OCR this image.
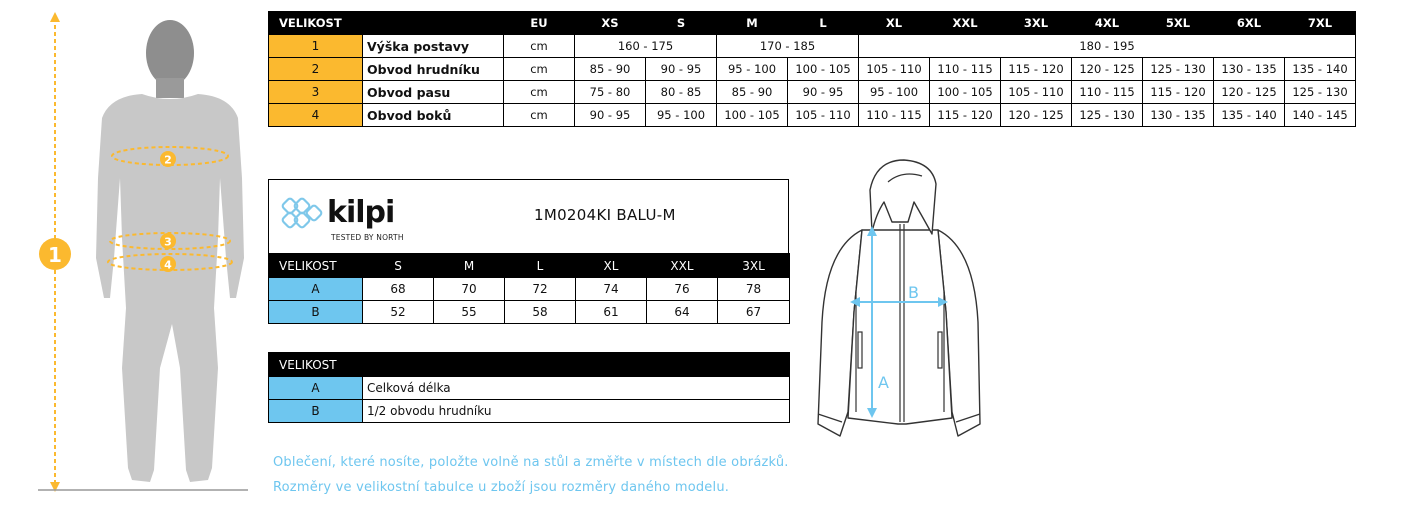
1
2
3
4
VELIKOST		EU	XS	S	M	L	XL	XXL	3XL	4XL	5XL	6XL	7XL
1	Výška postavy	cm	160 - 175		170 - 185		180 - 195						
2	Obvod hrudníku	cm	85 - 90	90 - 95	95 - 100	100 - 105	105 - 110	110 - 115	115 - 120	120 - 125	125 - 130	130 - 135	135 - 140
3	Obvod pasu	cm	75 - 80	80 - 85	85 - 90	90 - 95	95 - 100	100 - 105	105 - 110	110 - 115	115 - 120	120 - 125	125 - 130
4	Obvod boků	cm	90 - 95	95 - 100	100 - 105	105 - 110	110 - 115	115 - 120	120 - 125	125 - 130	130 - 135	135 - 140	140 - 145
kilpi
TESTED BY NORTH
1M0204KI BALU-M
VELIKOST	S	M	L	XL	XXL	3XL
A	68	70	72	74	76	78
B	52	55	58	61	64	67
VELIKOST	
A	Celková délka
B	1/2 obvodu hrudníku
A
B
Oblečení, které nosíte, položte volně na stůl a změřte v místech dle obrázků.
Rozměry ve velikostní tabulce u zboží jsou rozměry daného modelu.
